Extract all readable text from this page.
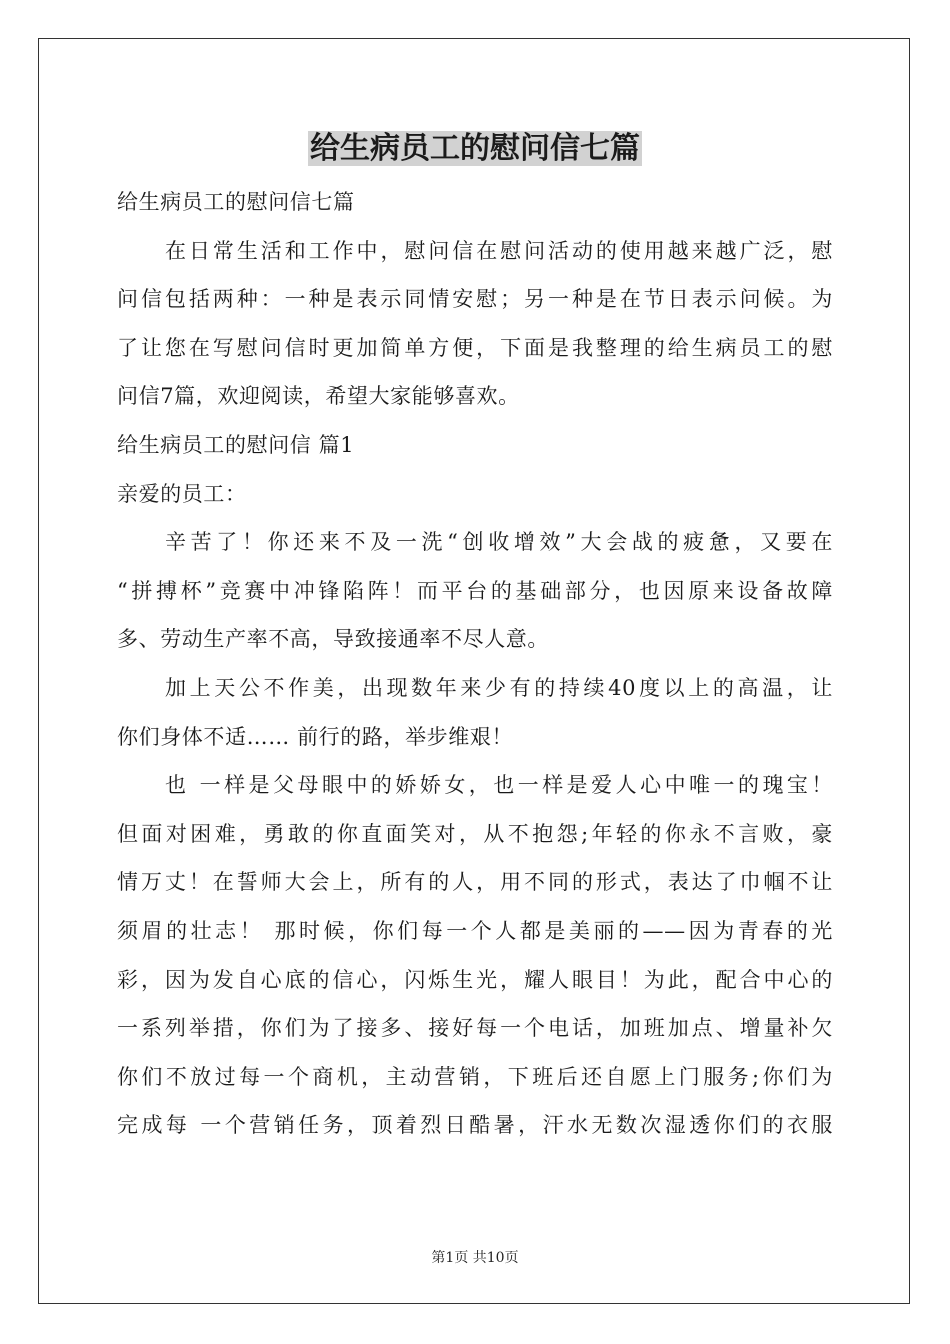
给生病员工的慰问信七篇
给生病员工的慰问信七篇
在日常生活和工作中，慰问信在慰问活动的使用越来越广泛，慰
问信包括两种：一种是表示同情安慰；另一种是在节日表示问候。为
了让您在写慰问信时更加简单方便，下面是我整理的给生病员工的慰
问信7篇，欢迎阅读，希望大家能够喜欢。
给生病员工的慰问信 篇1
亲爱的员工：
辛苦了！你还来不及一洗“创收增效”大会战的疲惫，又要在
“拼搏杯”竞赛中冲锋陷阵！而平台的基础部分，也因原来设备故障
多、劳动生产率不高，导致接通率不尽人意。
加上天公不作美，出现数年来少有的持续40度以上的高温，让
你们身体不适…… 前行的路，举步维艰！
也 一样是父母眼中的娇娇女，也一样是爱人心中唯一的瑰宝！
但面对困难，勇敢的你直面笑对，从不抱怨;年轻的你永不言败，豪
情万丈！在誓师大会上，所有的人，用不同的形式，表达了巾帼不让
须眉的壮志！ 那时候，你们每一个人都是美丽的——因为青春的光
彩，因为发自心底的信心，闪烁生光，耀人眼目！为此，配合中心的
一系列举措，你们为了接多、接好每一个电话，加班加点、增量补欠
你们不放过每一个商机，主动营销，下班后还自愿上门服务;你们为
完成每 一个营销任务，顶着烈日酷暑，汗水无数次湿透你们的衣服
第1页 共10页
